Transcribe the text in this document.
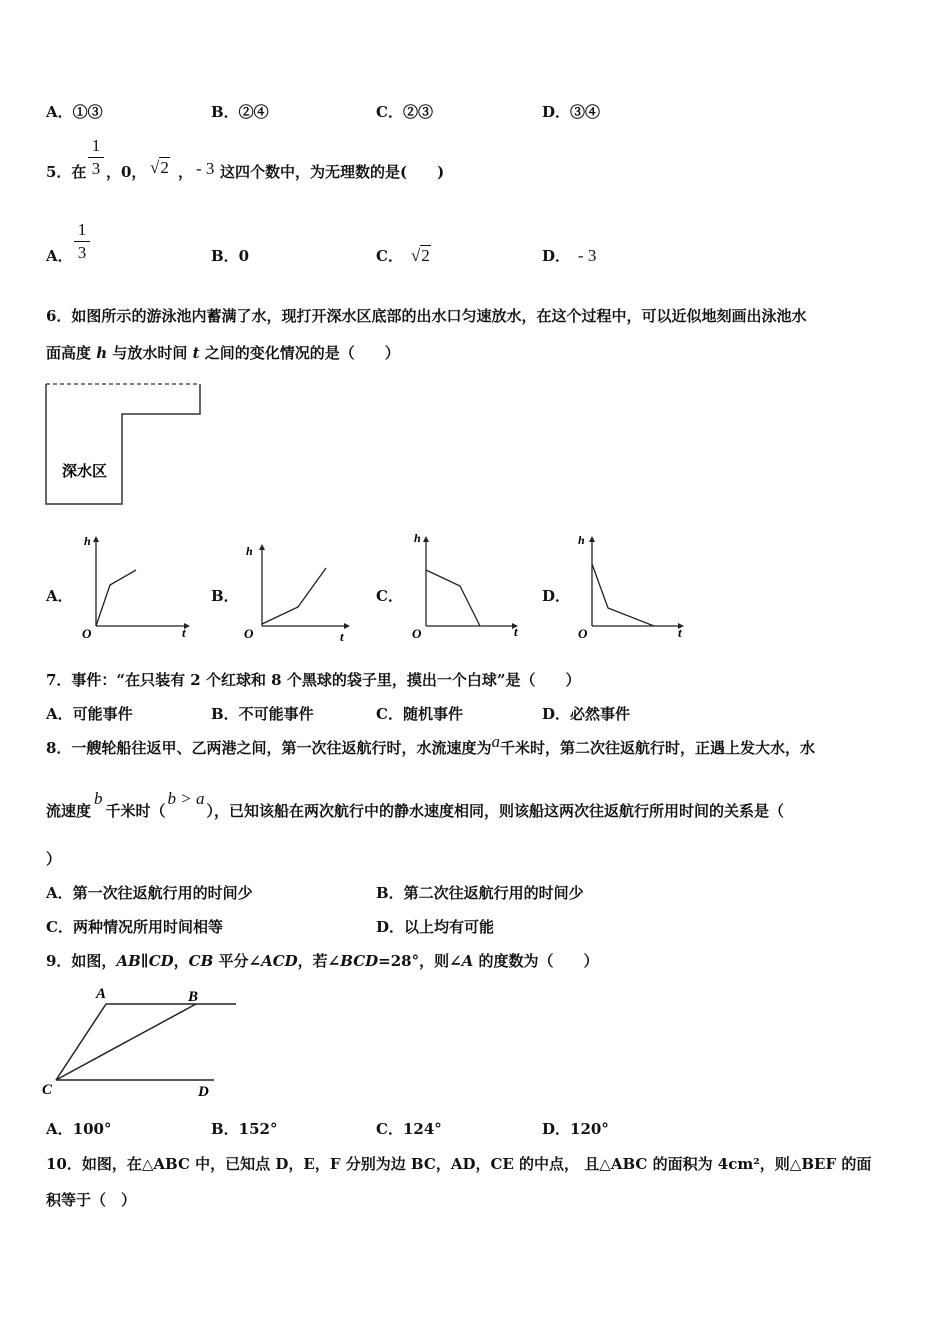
A．①③	B．②④	C．②③	D．③④
5．在
1
3 ，0， √2 ， - 3 这四个数中，为无理数的是(　　)
A．
1
3	B．0	C． √2	D． - 3
6．如图所示的游泳池内蓄满了水，现打开深水区底部的出水口匀速放水，在这个过程中，可以近似地刻画出泳池水
面高度 h 与放水时间 t 之间的变化情况的是（　　）
深水区
A．	B．	C．	D．
h
t
O
h
t
O
h
t
O
h
t
O
7．事件：“在只装有 2 个红球和 8 个黑球的袋子里，摸出一个白球”是（　　）
A．可能事件	B．不可能事件	C．随机事件	D．必然事件
8．一艘轮船往返甲、乙两港之间，第一次往返航行时，水流速度为a千米时，第二次往返航行时，正遇上发大水，水
流速度b千米时（b > a），已知该船在两次航行中的静水速度相同，则该船这两次往返航行所用时间的关系是（
）
A．第一次往返航行用的时间少	B．第二次往返航行用的时间少
C．两种情况所用时间相等	D．以上均有可能
9．如图，AB∥CD，CB 平分∠ACD，若∠BCD=28°，则∠A 的度数为（　　）
A	B
C	D
A．100°	B．152°	C．124°	D．120°
10．如图，在△ABC 中，已知点 D，E，F 分别为边 BC，AD，CE 的中点， 且△ABC 的面积为 4cm²，则△BEF 的面
积等于（　）
